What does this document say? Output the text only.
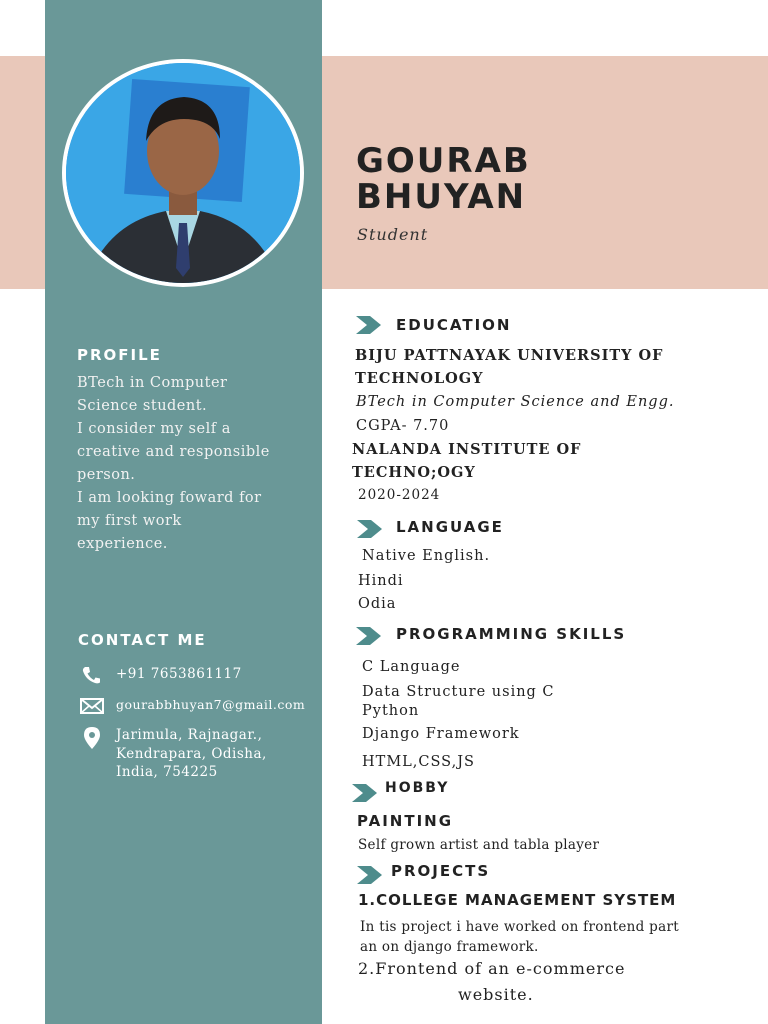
GOURAB
BHUYAN
Student
PROFILE
BTech in Computer
Science student.
I consider my self a
creative and responsible
person.
I am looking foward for
my first work
experience.
CONTACT ME
+91 7653861117
gourabbhuyan7@gmail.com
Jarimula, Rajnagar.,
Kendrapara, Odisha,
India, 754225
EDUCATION
BIJU PATTNAYAK UNIVERSITY OF
TECHNOLOGY
BTech in Computer Science and Engg.
CGPA- 7.70
NALANDA INSTITUTE OF
TECHNO;OGY
2020-2024
LANGUAGE
Native English.
Hindi
Odia
PROGRAMMING SKILLS
C Language
Data Structure using C
Python
Django Framework
HTML,CSS,JS
HOBBY
PAINTING
Self grown artist and tabla player
PROJECTS
1.COLLEGE MANAGEMENT SYSTEM
In tis project i have worked on frontend part
an on django framework.
2.Frontend of an e-commerce
website.
